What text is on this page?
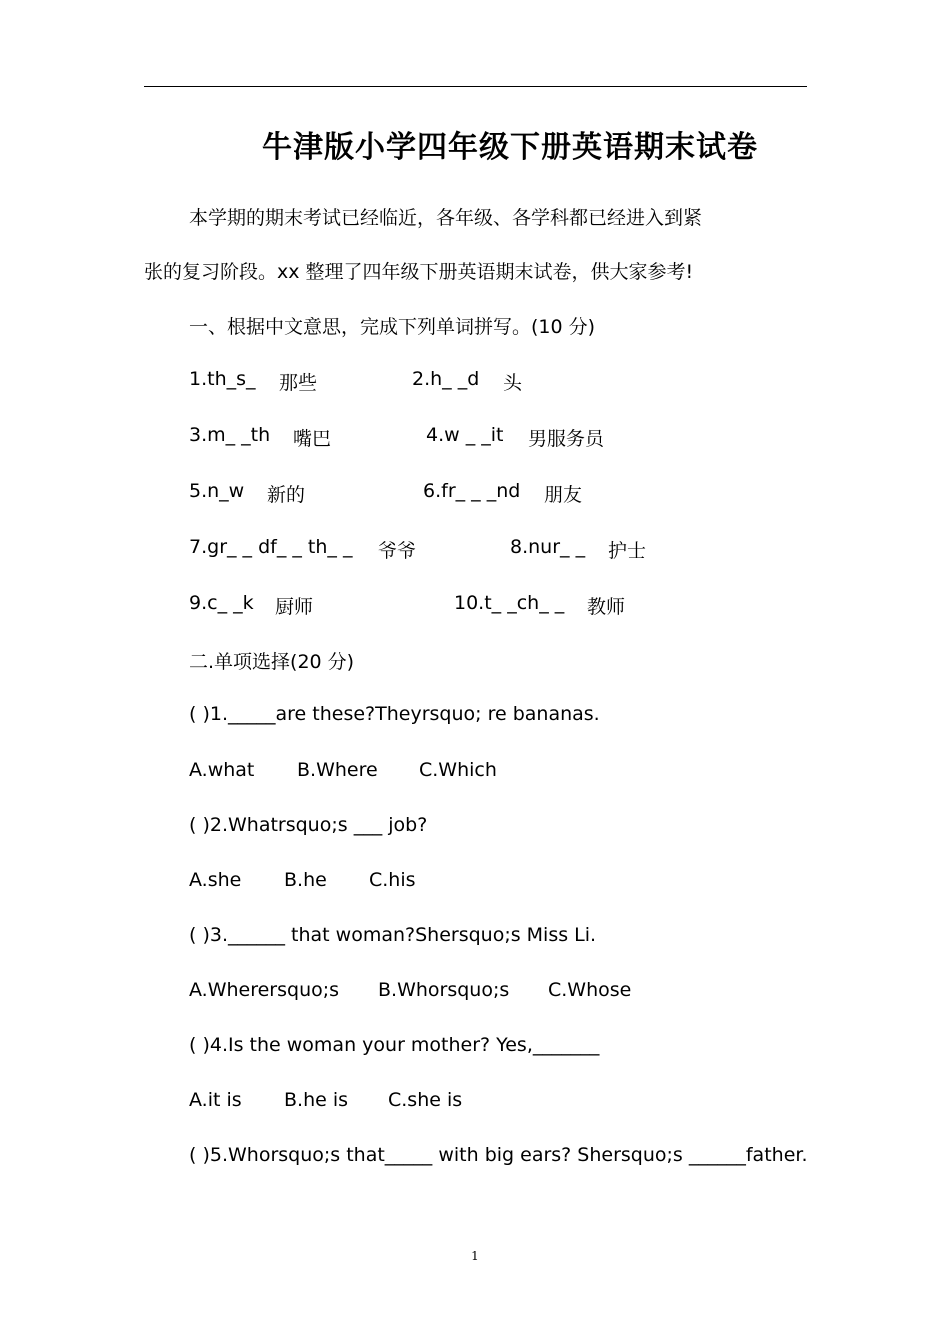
牛津版小学四年级下册英语期末试卷
本学期的期末考试已经临近，各年级、各学科都已经进入到紧
张的复习阶段。xx 整理了四年级下册英语期末试卷，供大家参考!
一、根据中文意思，完成下列单词拼写。(10 分)
1.th_s_ 那些	2.h_ _d 头
3.m_ _th 嘴巴	4.w _ _it 男服务员
5.n_w 新的	6.fr_ _ _nd 朋友
7.gr_ _ df_ _ th_ _ 爷爷	8.nur_ _ 护士
9.c_ _k 厨师	10.t_ _ch_ _ 教师
二.单项选择(20 分)
( )1._____are these?Theyrsquo; re bananas.
A.what B.Where C.Which
( )2.Whatrsquo;s ___ job?
A.she B.he C.his
( )3.______ that woman?Shersquo;s Miss Li.
A.Wherersquo;s B.Whorsquo;s C.Whose
( )4.Is the woman your mother? Yes,_______
A.it is B.he is C.she is
( )5.Whorsquo;s that_____ with big ears? Shersquo;s ______father.
1
